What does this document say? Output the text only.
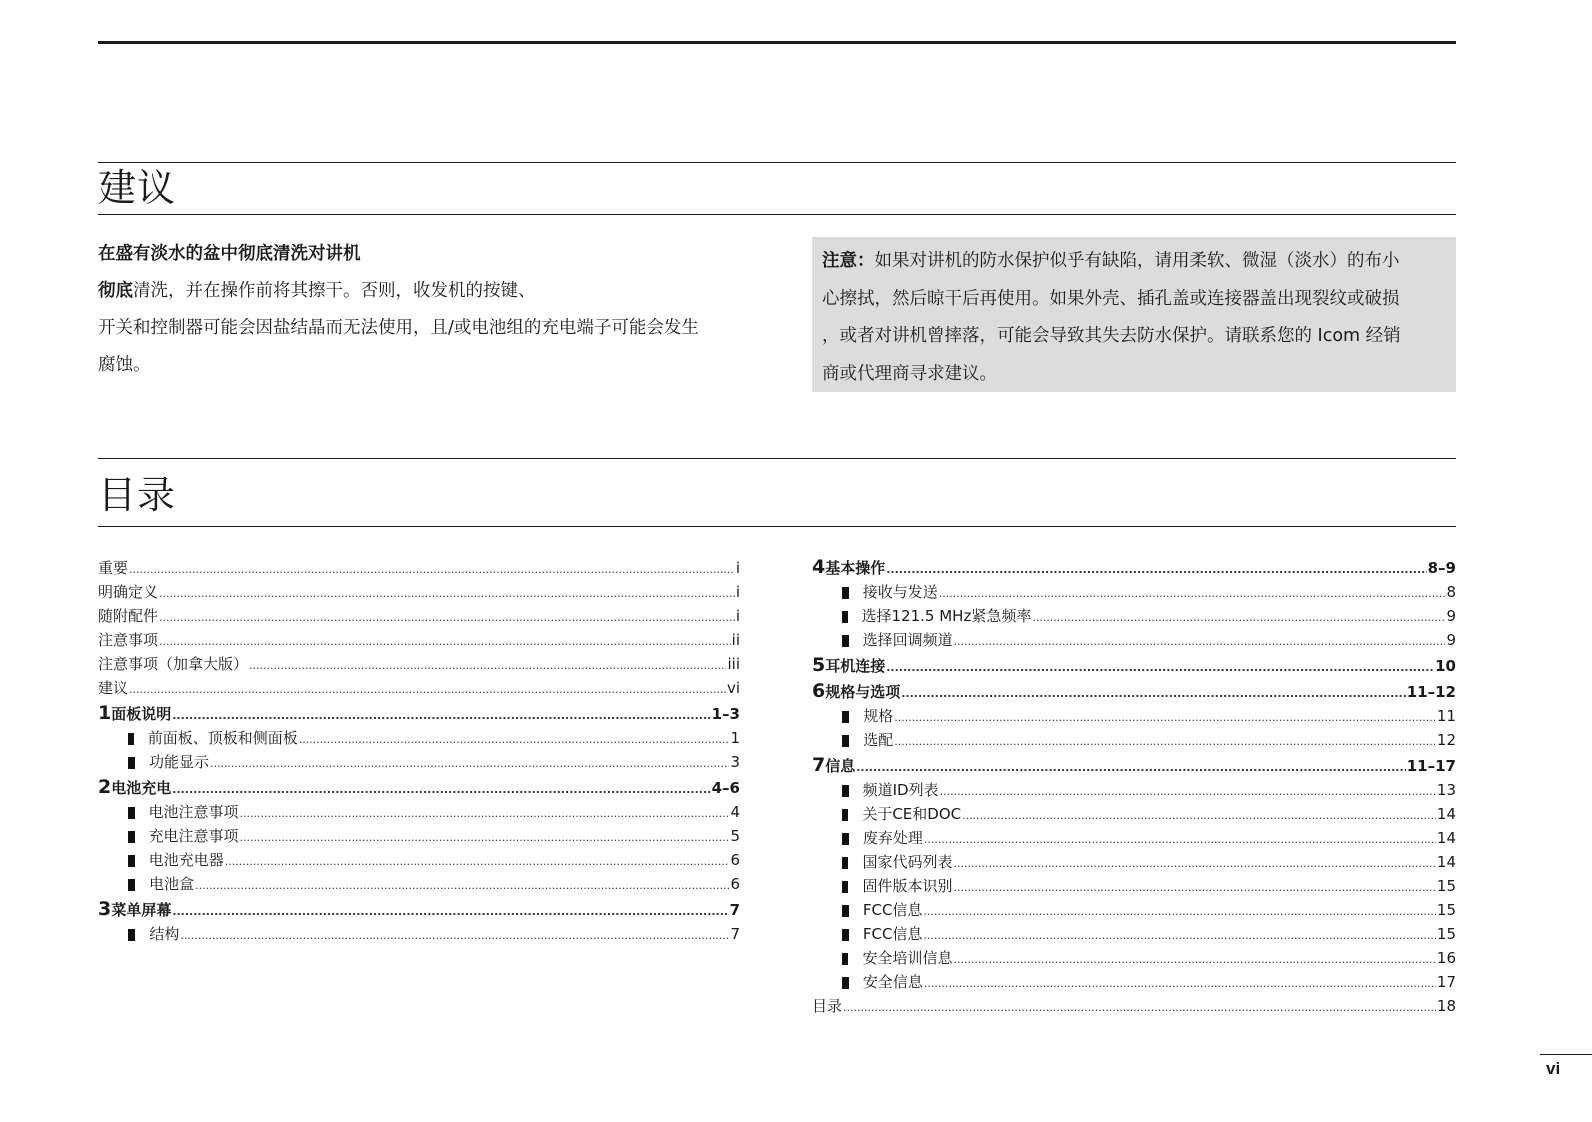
建议
在盛有淡水的盆中彻底清洗对讲机
彻底清洗，并在操作前将其擦干。否则，收发机的按键、
开关和控制器可能会因盐结晶而无法使用，且/或电池组的充电端子可能会发生
腐蚀。
注意：如果对讲机的防水保护似乎有缺陷，请用柔软、微湿（淡水）的布小
心擦拭，然后晾干后再使用。如果外壳、插孔盖或连接器盖出现裂纹或破损
，或者对讲机曾摔落，可能会导致其失去防水保护。请联系您的 Icom 经销
商或代理商寻求建议。
目录
重要 .....	i
明确定义 .....	i
随附配件 .....	i
注意事项 .....	ii
注意事项（加拿大版） .....	iii
建议 .....	vi
1 面板说明 .....	1–3
前面板、顶板和侧面板 .....	1
功能显示 .....	3
2 电池充电 .....	4–6
电池注意事项 .....	4
充电注意事项 .....	5
电池充电器 .....	6
电池盒 .....	6
3 菜单屏幕 .....	7
结构 .....	7
4 基本操作 .....	8–9
接收与发送 .....	8
选择121.5 MHz紧急频率 .....	9
选择回调频道 .....	9
5 耳机连接 .....	10
6 规格与选项 .....	11–12
规格 .....	11
选配 .....	12
7 信息 .....	11–17
频道ID列表 .....	13
关于CE和DOC .....	14
废弃处理 .....	14
国家代码列表 .....	14
固件版本识别 .....	15
FCC信息 .....	15
FCC信息 .....	15
安全培训信息 .....	16
安全信息 .....	17
目录 .....	18
vi
